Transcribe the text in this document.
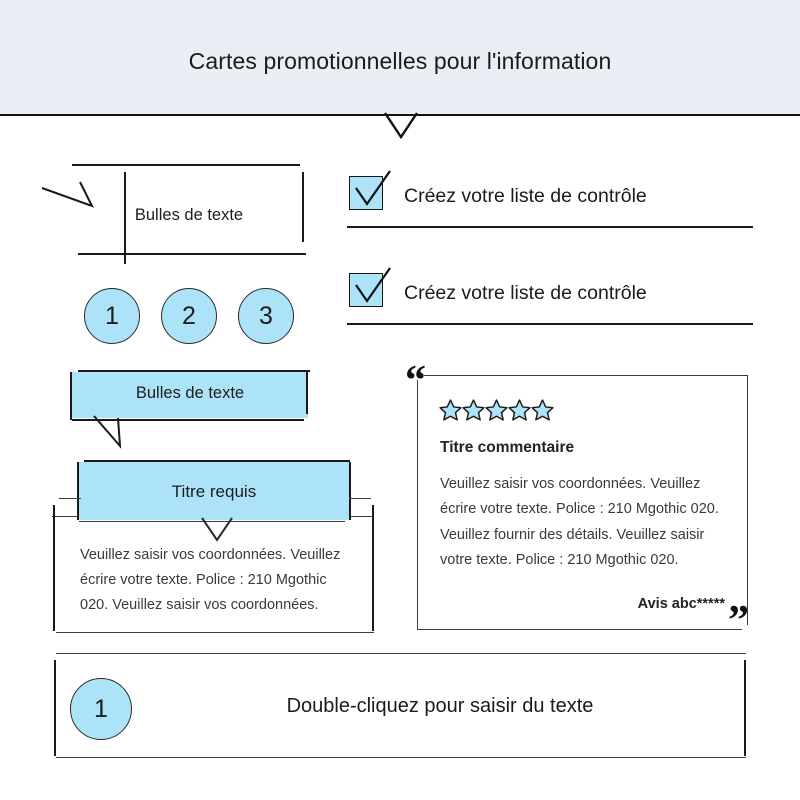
Cartes promotionnelles pour l'information
Bulles de texte
1	2	3
Créez votre liste de contrôle
Créez votre liste de contrôle
Bulles de texte
Titre requis
Veuillez saisir vos coordonnées. Veuillez écrire votre texte. Police : 210 Mgothic 020. Veuillez saisir vos coordonnées.
“
”
Titre commentaire
Veuillez saisir vos coordonnées. Veuillez écrire votre texte. Police : 210 Mgothic 020. Veuillez fournir des détails. Veuillez saisir votre texte. Police : 210 Mgothic 020.
Avis abc*****
1	Double-cliquez pour saisir du texte
